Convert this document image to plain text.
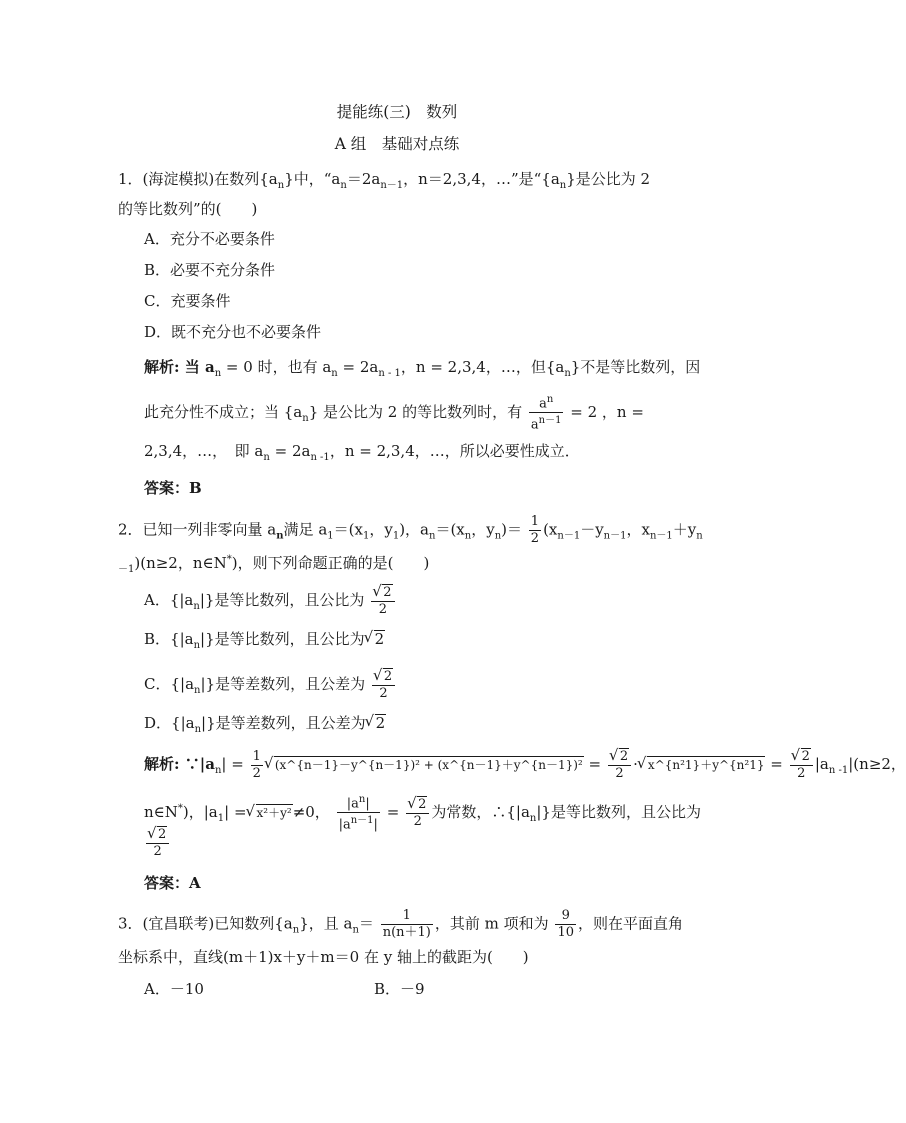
提能练(三)　数列
A 组　基础对点练
1．(海淀模拟)在数列$\{a_n\}$中，“$a_n=2a_{n-1}$，n＝2,3,4，…”是“$\{a_n\}$是公比为 2
的等比数列”的(　　)
A．充分不必要条件
B．必要不充分条件
C．充要条件
D．既不充分也不必要条件
解析: 当 $a_n = 0$ 时，也有 $a_n = 2a_{n - 1}$，n = 2,3,4，…，但$\{a_n\}$不是等比数列，因
此充分性不成立；当 $\{a_n\}$ 是公比为 2 的等比数列时，有 $\frac{a^n}{a^{n-1}} = 2$ ，n =
2,3,4，…，　即 $a_n = 2a_{n -1}$，n = 2,3,4，…，所以必要性成立．
答案：B
2．已知一列非零向量 $a_n$满足 $a_1=(x_1$，$y_1$)，$a_n=(x_n$，$y_n)= \frac{1}{2} (x_{n-1}-y_{n-1}$，$x_{n-1}+y_n$
$_{-1}$)(n≥2，n∈N*)，则下列命题正确的是(　　)
A．$\{|a_n|\}$是等比数列，且公比为 √ $\frac{2}{2}$
B．$\{|a_n|\}$是等比数列，且公比为 √ 2
C．$\{|a_n|\}$是等差数列，且公差为 √ $\frac{2}{2}$
D．$\{|a_n|\}$是等差数列，且公差为 √ 2
解析: $\because|a_n| = \frac{1}{2}$ √ (x^{n－1}－y^{n－1})² + (x^{n－1}＋y^{n－1})² = √ $\frac{2}{2}$ · √ x^{n²1}＋y^{n²1} = √ $\frac{2}{2} |a_{n -1}|(n\ge 2$，
n∈N*)，$|a_1|$ = √ x²＋y²≠0， $\frac{|a^n|}{|a^{n-1}|}$ = √ $\frac{2}{2}$ 为常数，$\therefore\{|a_n|\}$是等比数列，且公比为
√ $\frac{2}{2}$
答案：A
3．(宜昌联考)已知数列$\{a_n\}$，且 $a_n= \frac{1}{n(n+1)}$ ，其前 m 项和为 $\frac{9}{10}$ ，则在平面直角
坐标系中，直线(m＋1)x＋y＋m＝0 在 y 轴上的截距为(　　)
A．－10	B．－9
